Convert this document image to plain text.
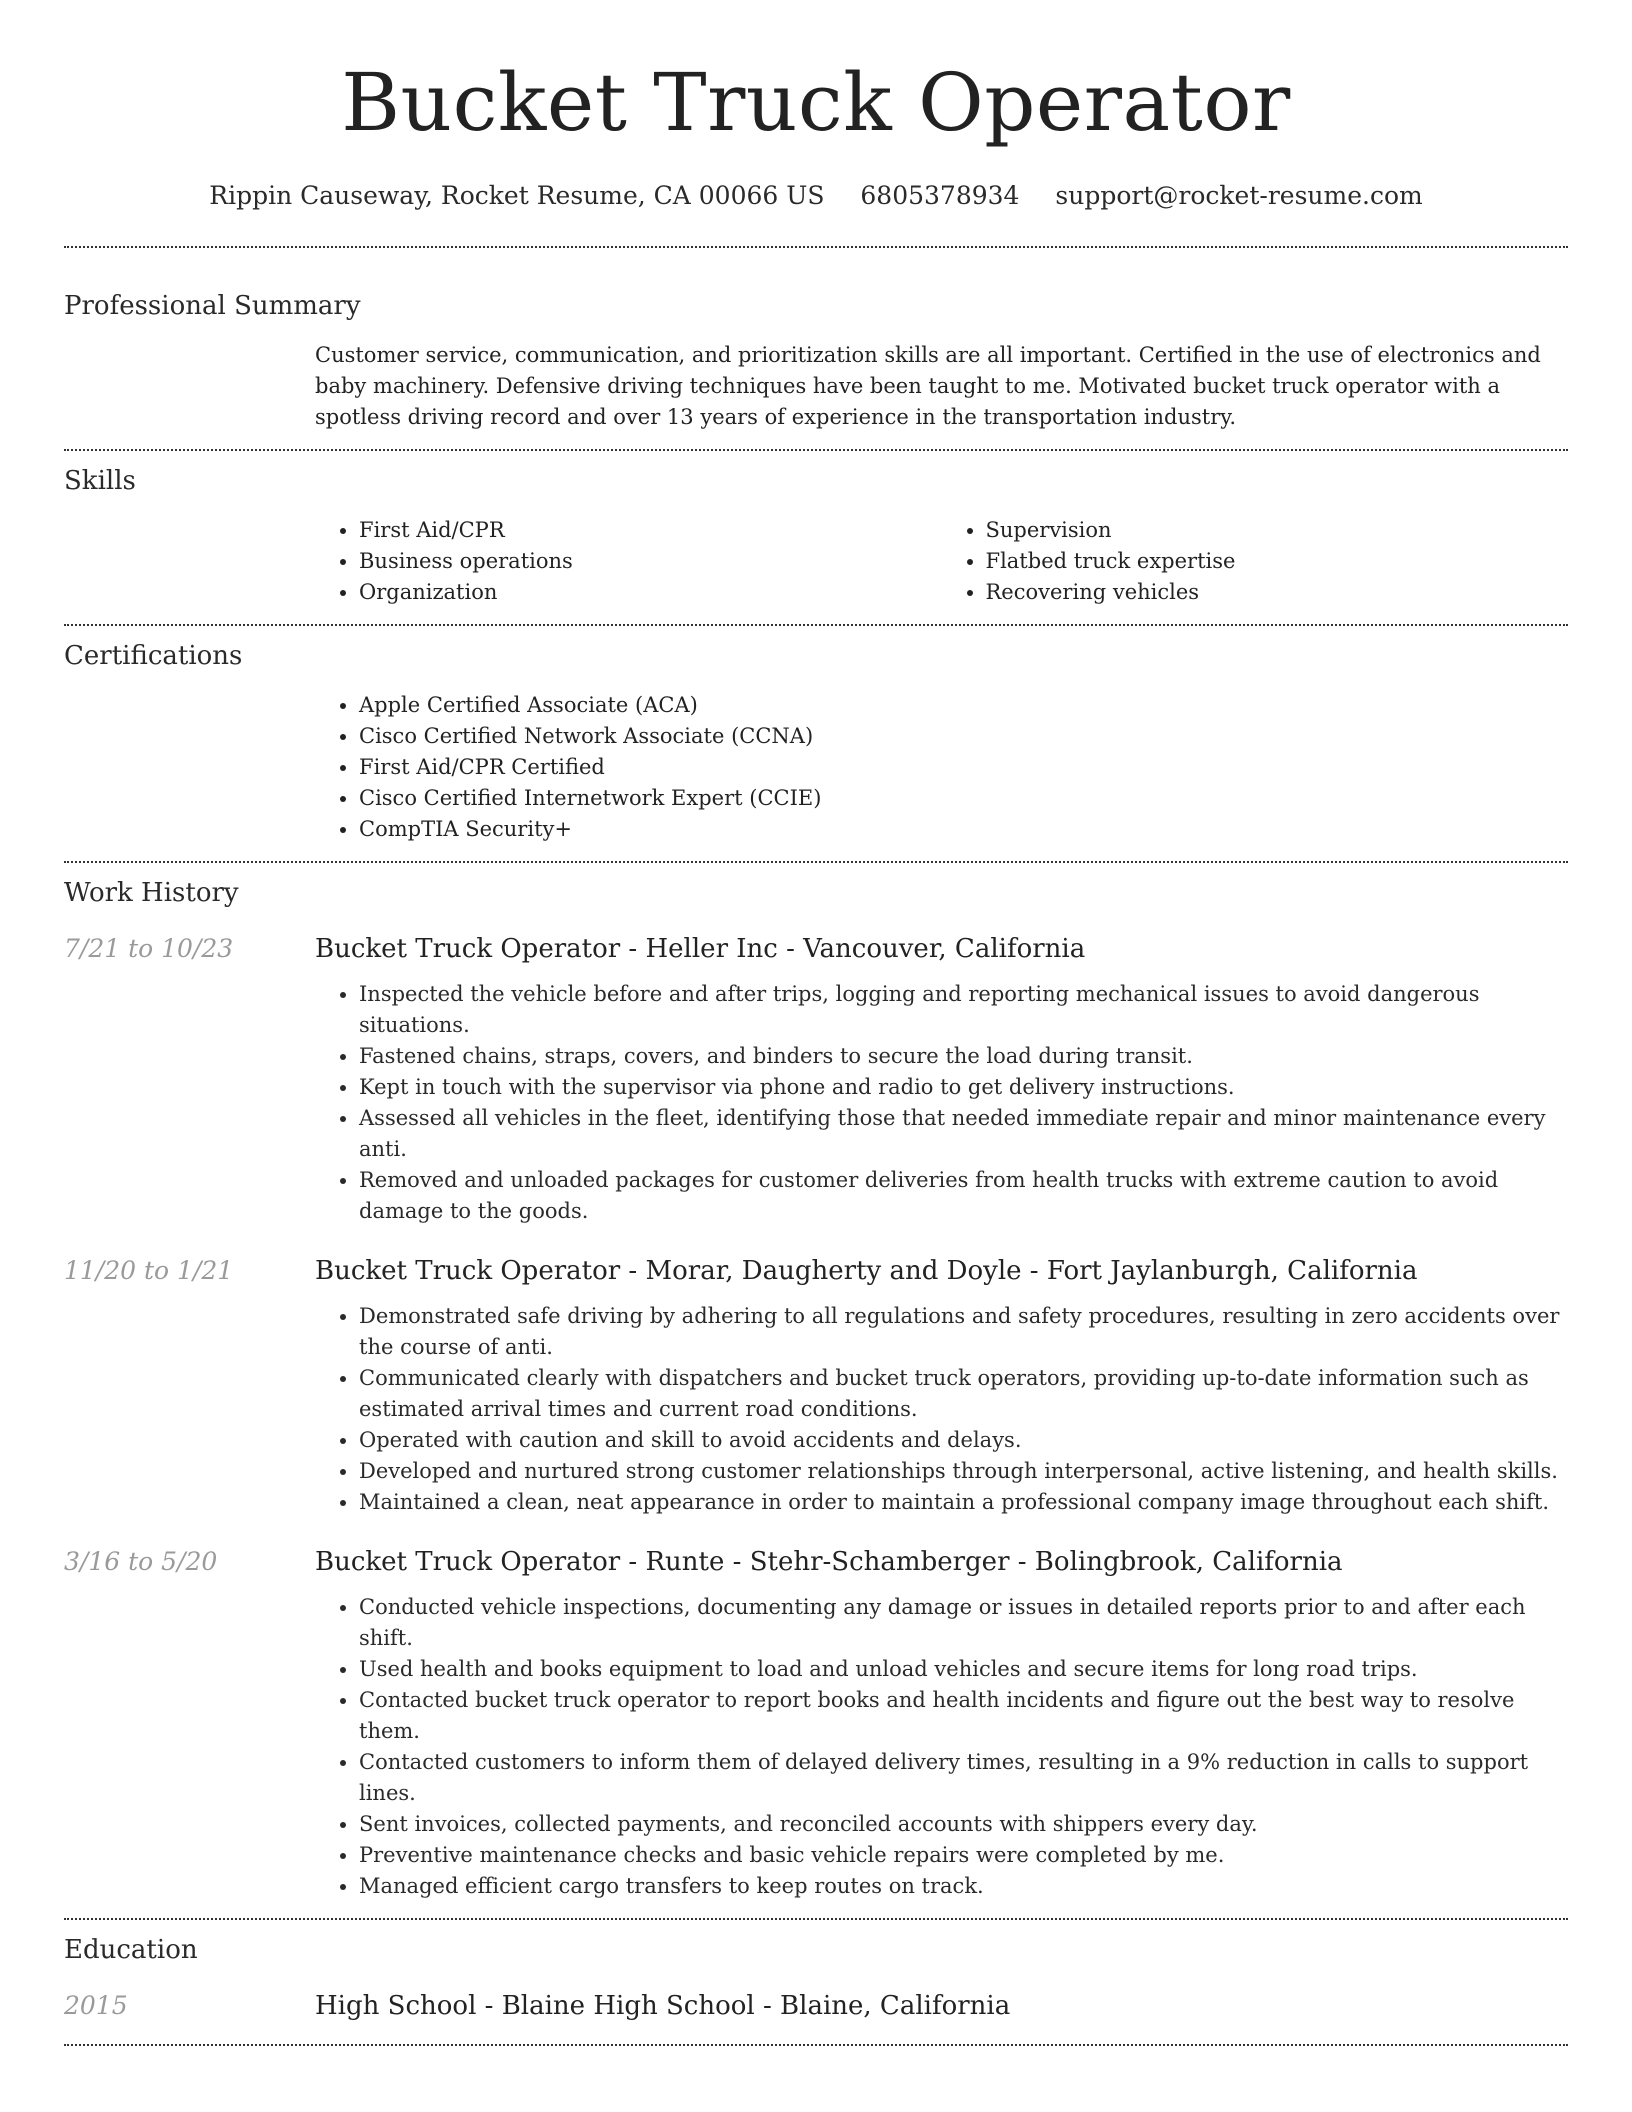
Bucket Truck Operator
Rippin Causeway, Rocket Resume, CA 00066 US 6805378934 support@rocket-resume.com
Professional Summary
Customer service, communication, and prioritization skills are all important. Certified in the use of electronics and baby machinery. Defensive driving techniques have been taught to me. Motivated bucket truck operator with a spotless driving record and over 13 years of experience in the transportation industry.
Skills
• First Aid/CPR
• Business operations
• Organization
• Supervision
• Flatbed truck expertise
• Recovering vehicles
Certifications
• Apple Certified Associate (ACA)
• Cisco Certified Network Associate (CCNA)
• First Aid/CPR Certified
• Cisco Certified Internetwork Expert (CCIE)
• CompTIA Security+
Work History
7/21 to 10/23	Bucket Truck Operator - Heller Inc - Vancouver, California
• Inspected the vehicle before and after trips, logging and reporting mechanical issues to avoid dangerous situations.
• Fastened chains, straps, covers, and binders to secure the load during transit.
• Kept in touch with the supervisor via phone and radio to get delivery instructions.
• Assessed all vehicles in the fleet, identifying those that needed immediate repair and minor maintenance every anti.
• Removed and unloaded packages for customer deliveries from health trucks with extreme caution to avoid damage to the goods.
11/20 to 1/21	Bucket Truck Operator - Morar, Daugherty and Doyle - Fort Jaylanburgh, California
• Demonstrated safe driving by adhering to all regulations and safety procedures, resulting in zero accidents over the course of anti.
• Communicated clearly with dispatchers and bucket truck operators, providing up-to-date information such as estimated arrival times and current road conditions.
• Operated with caution and skill to avoid accidents and delays.
• Developed and nurtured strong customer relationships through interpersonal, active listening, and health skills.
• Maintained a clean, neat appearance in order to maintain a professional company image throughout each shift.
3/16 to 5/20	Bucket Truck Operator - Runte - Stehr-Schamberger - Bolingbrook, California
• Conducted vehicle inspections, documenting any damage or issues in detailed reports prior to and after each shift.
• Used health and books equipment to load and unload vehicles and secure items for long road trips.
• Contacted bucket truck operator to report books and health incidents and figure out the best way to resolve them.
• Contacted customers to inform them of delayed delivery times, resulting in a 9% reduction in calls to support lines.
• Sent invoices, collected payments, and reconciled accounts with shippers every day.
• Preventive maintenance checks and basic vehicle repairs were completed by me.
• Managed efficient cargo transfers to keep routes on track.
Education
2015	High School - Blaine High School - Blaine, California
